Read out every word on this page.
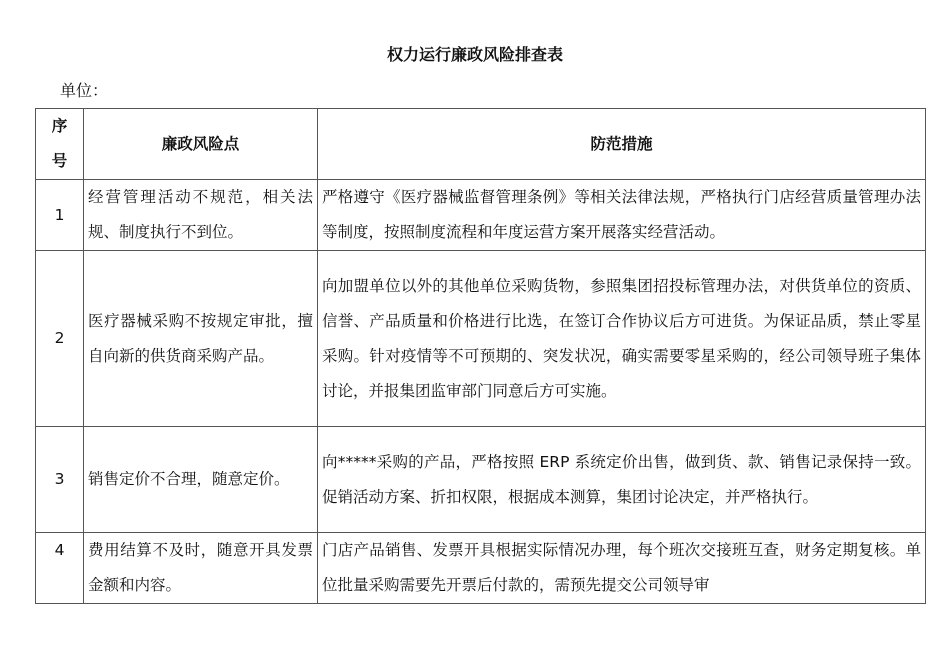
权力运行廉政风险排查表
单位：
序
号	廉政风险点	防范措施
1	经营管理活动不规范，相关法规、制度执行不到位。	严格遵守《医疗器械监督管理条例》等相关法律法规，严格执行门店经营质量管理办法等制度，按照制度流程和年度运营方案开展落实经营活动。
2	医疗器械采购不按规定审批，擅自向新的供货商采购产品。	向加盟单位以外的其他单位采购货物，参照集团招投标管理办法，对供货单位的资质、信誉、产品质量和价格进行比选，在签订合作协议后方可进货。为保证品质，禁止零星采购。针对疫情等不可预期的、突发状况，确实需要零星采购的，经公司领导班子集体讨论，并报集团监审部门同意后方可实施。
3	销售定价不合理，随意定价。	向*****采购的产品，严格按照 ERP 系统定价出售，做到货、款、销售记录保持一致。促销活动方案、折扣权限，根据成本测算，集团讨论决定，并严格执行。
4	费用结算不及时，随意开具发票金额和内容。	门店产品销售、发票开具根据实际情况办理，每个班次交接班互查，财务定期复核。单位批量采购需要先开票后付款的，需预先提交公司领导审
